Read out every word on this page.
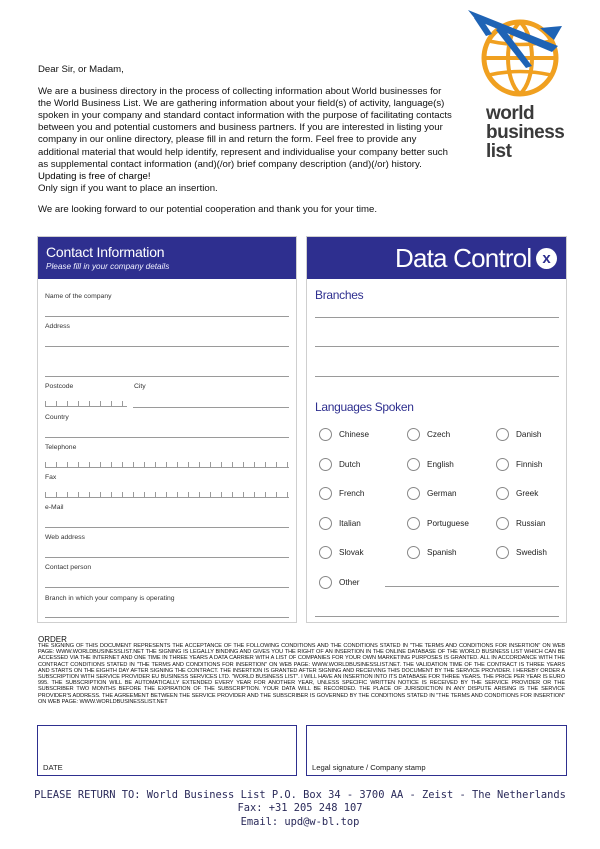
world
business
list

Dear Sir, or Madam,

We are a business directory in the process of collecting information about World businesses for the World Business List. We are gathering information about your field(s) of activity, language(s) spoken in your company and standard contact information with the purpose of facilitating contacts between you and potential customers and business partners. If you are interested in listing your company in our online directory, please fill in and return the form. Feel free to provide any additional material that would help identify, represent and individualise your company better such as supplemental contact information (and)(/or) brief company description (and)(/or) history. Updating is free of charge!
Only sign if you want to place an insertion.

We are looking forward to our potential cooperation and thank you for your time.

Contact Information
Please fill in your company details
Name of the company
Address
Postcode	City
Country
Telephone
Fax
e-Mail
Web address
Contact person
Branch in which your company is operating
Data Control x
Branches
Languages Spoken
Chinese	Czech	Danish
Dutch	English	Finnish
French	German	Greek
Italian	Portuguese	Russian
Slovak	Spanish	Swedish
Other
ORDER
THE SIGNING OF THIS DOCUMENT REPRESENTS THE ACCEPTANCE OF THE FOLLOWING CONDITIONS AND THE CONDITIONS STATED IN "THE TERMS AND CONDITIONS FOR INSERTION" ON WEB PAGE: WWW.WORLDBUSINESSLIST.NET THE SIGNING IS LEGALLY BINDING AND GIVES YOU THE RIGHT OF AN INSERTION IN THE ONLINE DATABASE OF THE WORLD BUSINESS LIST WHICH CAN BE ACCESSED VIA THE INTERNET AND ONE TIME IN THREE YEARS A DATA CARRIER WITH A LIST OF COMPANIES FOR YOUR OWN MARKETING PURPOSES IS GRANTED. ALL IN ACCORDANCE WITH THE CONTRACT CONDITIONS STATED IN "THE TERMS AND CONDITIONS FOR INSERTION" ON WEB PAGE: WWW.WORLDBUSINESSLIST.NET. THE VALIDATION TIME OF THE CONTRACT IS THREE YEARS AND STARTS ON THE EIGHTH DAY AFTER SIGNING THE CONTRACT. THE INSERTION IS GRANTED AFTER SIGNING AND RECEIVING THIS DOCUMENT BY THE SERVICE PROVIDER. I HEREBY ORDER A SUBSCRIPTION WITH SERVICE PROVIDER EU BUSINESS SERVICES LTD. "WORLD BUSINESS LIST". I WILL HAVE AN INSERTION INTO ITS DATABASE FOR THREE YEARS. THE PRICE PER YEAR IS EURO 995. THE SUBSCRIPTION WILL BE AUTOMATICALLY EXTENDED EVERY YEAR FOR ANOTHER YEAR, UNLESS SPECIFIC WRITTEN NOTICE IS RECEIVED BY THE SERVICE PROVIDER OR THE SUBSCRIBER TWO MONTHS BEFORE THE EXPIRATION OF THE SUBSCRIPTION. YOUR DATA WILL BE RECORDED. THE PLACE OF JURISDICTION IN ANY DISPUTE ARISING IS THE SERVICE PROVIDER'S ADDRESS. THE AGREEMENT BETWEEN THE SERVICE PROVIDER AND THE SUBSCRIBER IS GOVERNED BY THE CONDITIONS STATED IN "THE TERMS AND CONDITIONS FOR INSERTION" ON WEB PAGE: WWW.WORLDBUSINESSLIST.NET
DATE	Legal signature / Company stamp
PLEASE RETURN TO: World Business List P.O. Box 34 - 3700 AA - Zeist - The Netherlands
Fax: +31 205 248 107
Email: upd@w-bl.top
